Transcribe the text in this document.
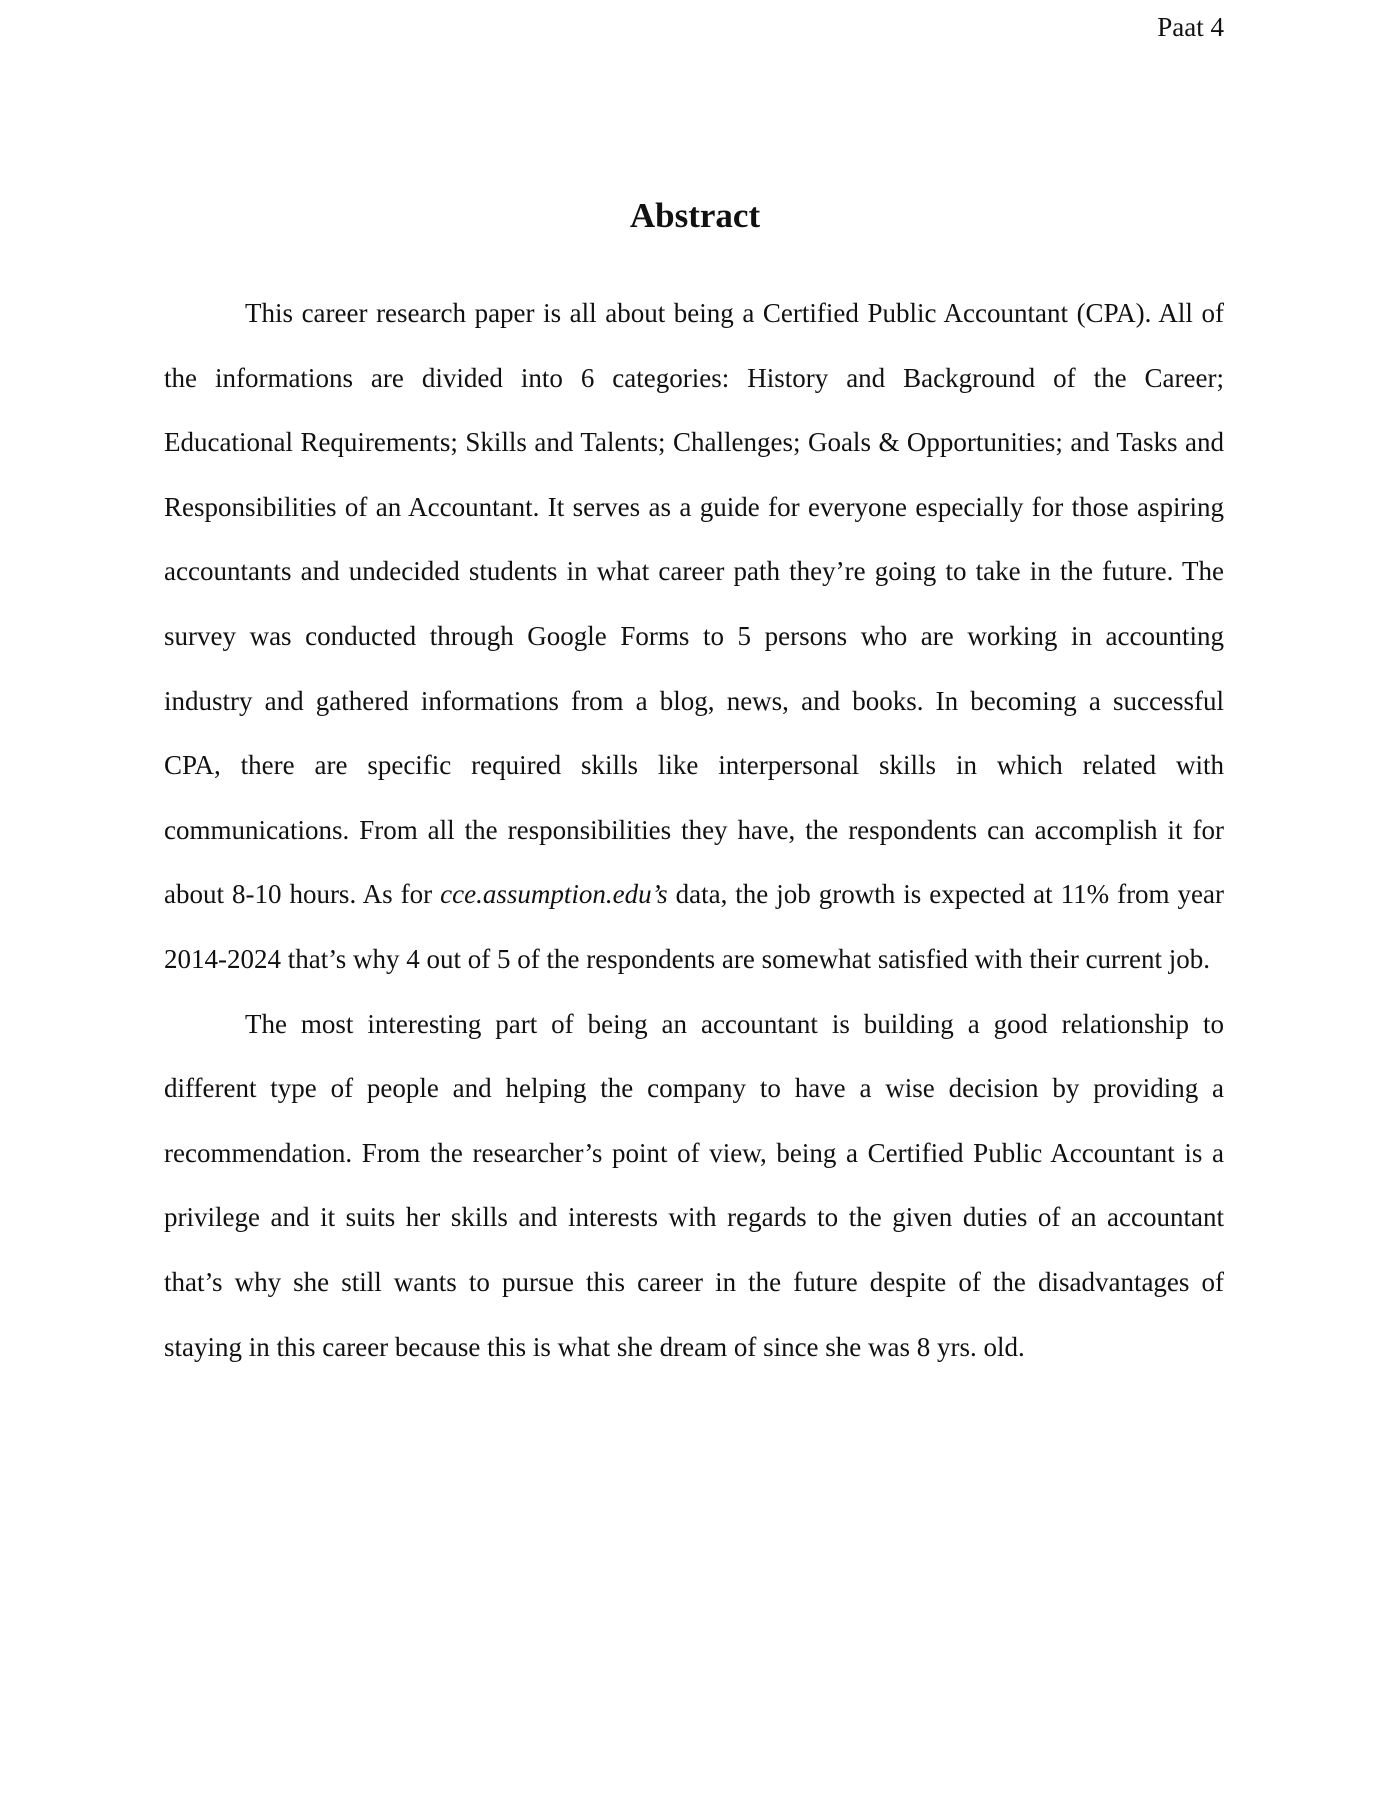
Paat 4
Abstract
This career research paper is all about being a Certified Public Accountant (CPA). All of
the informations are divided into 6 categories: History and Background of the Career;
Educational Requirements; Skills and Talents; Challenges; Goals & Opportunities; and Tasks and
Responsibilities of an Accountant. It serves as a guide for everyone especially for those aspiring
accountants and undecided students in what career path they’re going to take in the future. The
survey was conducted through Google Forms to 5 persons who are working in accounting
industry and gathered informations from a blog, news, and books. In becoming a successful
CPA, there are specific required skills like interpersonal skills in which related with
communications. From all the responsibilities they have, the respondents can accomplish it for
about 8-10 hours. As for cce.assumption.edu’s data, the job growth is expected at 11% from year
2014-2024 that’s why 4 out of 5 of the respondents are somewhat satisfied with their current job.
The most interesting part of being an accountant is building a good relationship to
different type of people and helping the company to have a wise decision by providing a
recommendation. From the researcher’s point of view, being a Certified Public Accountant is a
privilege and it suits her skills and interests with regards to the given duties of an accountant
that’s why she still wants to pursue this career in the future despite of the disadvantages of
staying in this career because this is what she dream of since she was 8 yrs. old.
